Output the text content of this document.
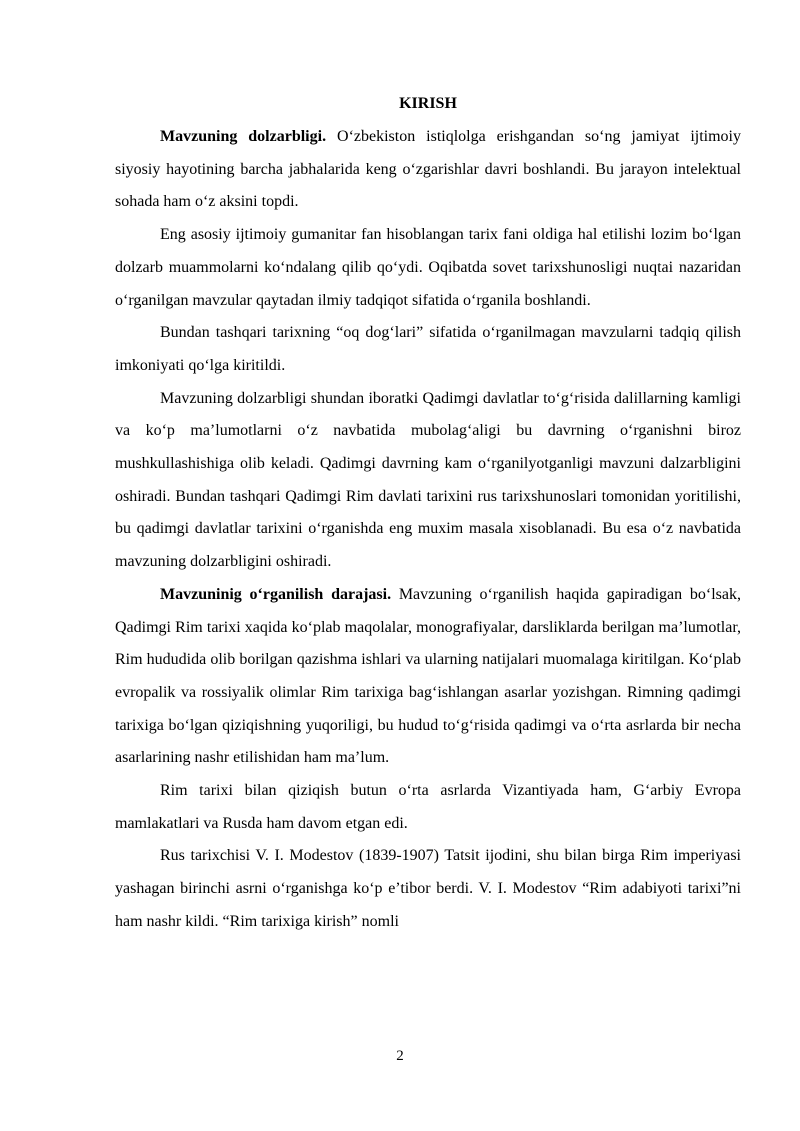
KIRISH

Mavzuning dolzarbligi. O‘zbekiston istiqlolga erishgandan so‘ng jamiyat ijtimoiy siyosiy hayotining barcha jabhalarida keng o‘zgarishlar davri boshlandi. Bu jarayon intelektual sohada ham o‘z aksini topdi.

Eng asosiy ijtimoiy gumanitar fan hisoblangan tarix fani oldiga hal etilishi lozim bo‘lgan dolzarb muammolarni ko‘ndalang qilib qo‘ydi. Oqibatda sovet tarixshunosligi nuqtai nazaridan o‘rganilgan mavzular qaytadan ilmiy tadqiqot sifatida o‘rganila boshlandi.

Bundan tashqari tarixning “oq dog‘lari” sifatida o‘rganilmagan mavzularni tadqiq qilish imkoniyati qo‘lga kiritildi.

Mavzuning dolzarbligi shundan iboratki Qadimgi davlatlar to‘g‘risida dalillarning kamligi va ko‘p ma’lumotlarni o‘z navbatida mubolag‘aligi bu davrning o‘rganishni biroz mushkullashishiga olib keladi. Qadimgi davrning kam o‘rganilyotganligi mavzuni dalzarbligini oshiradi. Bundan tashqari Qadimgi Rim davlati tarixini rus tarixshunoslari tomonidan yoritilishi, bu qadimgi davlatlar tarixini o‘rganishda eng muxim masala xisoblanadi. Bu esa o‘z navbatida mavzuning dolzarbligini oshiradi.

Mavzuninig o‘rganilish darajasi. Mavzuning o‘rganilish haqida gapiradigan bo‘lsak, Qadimgi Rim tarixi xaqida ko‘plab maqolalar, monografiyalar, darsliklarda berilgan ma’lumotlar, Rim hududida olib borilgan qazishma ishlari va ularning natijalari muomalaga kiritilgan. Ko‘plab evropalik va rossiyalik olimlar Rim tarixiga bag‘ishlangan asarlar yozishgan. Rimning qadimgi tarixiga bo‘lgan qiziqishning yuqoriligi, bu hudud to‘g‘risida qadimgi va o‘rta asrlarda bir necha asarlarining nashr etilishidan ham ma’lum.

Rim tarixi bilan qiziqish butun o‘rta asrlarda Vizantiyada ham, G‘arbiy Evropa mamlakatlari va Rusda ham davom etgan edi.

Rus tarixchisi V. I. Modestov (1839-1907) Tatsit ijodini, shu bilan birga Rim imperiyasi yashagan birinchi asrni o‘rganishga ko‘p e’tibor berdi. V. I. Modestov “Rim adabiyoti tarixi”ni ham nashr kildi. “Rim tarixiga kirish” nomli

2
